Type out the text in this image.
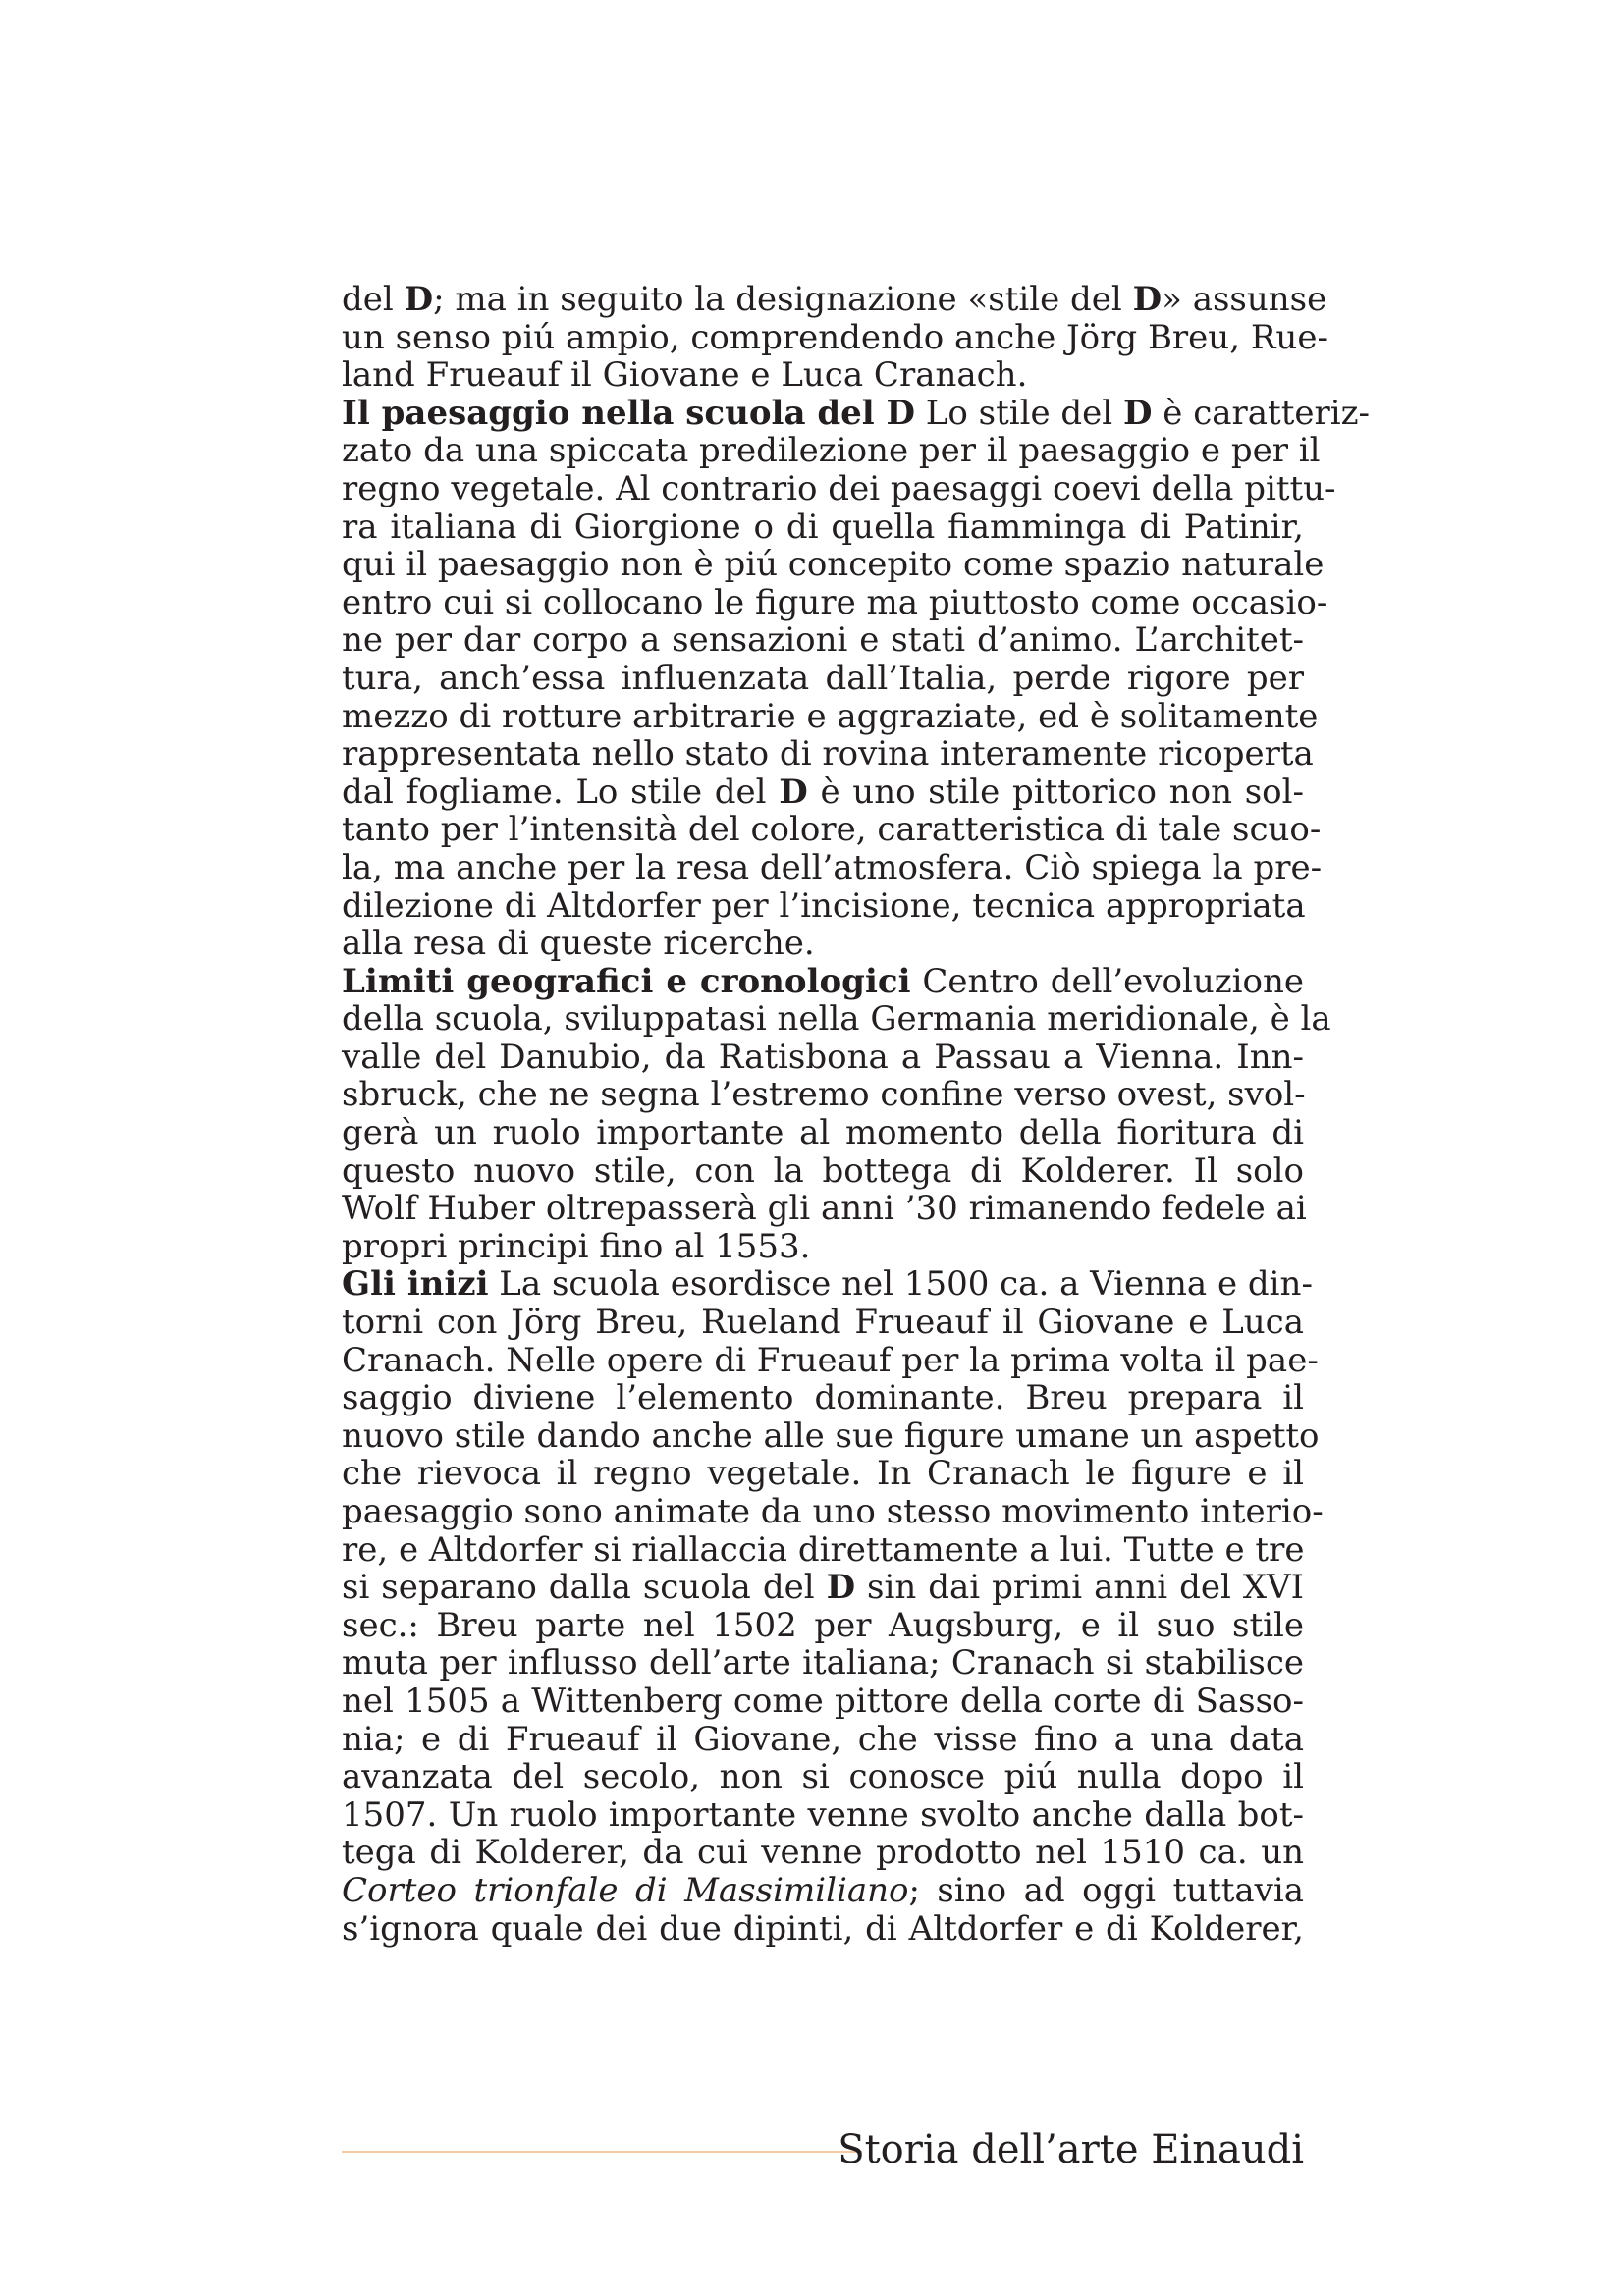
del D; ma in seguito la designazione «stile del D» assunse
un senso piú ampio, comprendendo anche Jörg Breu, Rue-
land Frueauf il Giovane e Luca Cranach.
Il paesaggio nella scuola del D Lo stile del D è caratteriz-
zato da una spiccata predilezione per il paesaggio e per il
regno vegetale. Al contrario dei paesaggi coevi della pittu-
ra italiana di Giorgione o di quella fiamminga di Patinir,
qui il paesaggio non è piú concepito come spazio naturale
entro cui si collocano le figure ma piuttosto come occasio-
ne per dar corpo a sensazioni e stati d’animo. L’architet-
tura, anch’essa influenzata dall’Italia, perde rigore per
mezzo di rotture arbitrarie e aggraziate, ed è solitamente
rappresentata nello stato di rovina interamente ricoperta
dal fogliame. Lo stile del D è uno stile pittorico non sol-
tanto per l’intensità del colore, caratteristica di tale scuo-
la, ma anche per la resa dell’atmosfera. Ciò spiega la pre-
dilezione di Altdorfer per l’incisione, tecnica appropriata
alla resa di queste ricerche.
Limiti geografici e cronologici Centro dell’evoluzione
della scuola, sviluppatasi nella Germania meridionale, è la
valle del Danubio, da Ratisbona a Passau a Vienna. Inn-
sbruck, che ne segna l’estremo confine verso ovest, svol-
gerà un ruolo importante al momento della fioritura di
questo nuovo stile, con la bottega di Kolderer. Il solo
Wolf Huber oltrepasserà gli anni ’30 rimanendo fedele ai
propri principi fino al 1553.
Gli inizi La scuola esordisce nel 1500 ca. a Vienna e din-
torni con Jörg Breu, Rueland Frueauf il Giovane e Luca
Cranach. Nelle opere di Frueauf per la prima volta il pae-
saggio diviene l’elemento dominante. Breu prepara il
nuovo stile dando anche alle sue figure umane un aspetto
che rievoca il regno vegetale. In Cranach le figure e il
paesaggio sono animate da uno stesso movimento interio-
re, e Altdorfer si riallaccia direttamente a lui. Tutte e tre
si separano dalla scuola del D sin dai primi anni del XVI
sec.: Breu parte nel 1502 per Augsburg, e il suo stile
muta per influsso dell’arte italiana; Cranach si stabilisce
nel 1505 a Wittenberg come pittore della corte di Sasso-
nia; e di Frueauf il Giovane, che visse fino a una data
avanzata del secolo, non si conosce piú nulla dopo il
1507. Un ruolo importante venne svolto anche dalla bot-
tega di Kolderer, da cui venne prodotto nel 1510 ca. un
Corteo trionfale di Massimiliano; sino ad oggi tuttavia
s’ignora quale dei due dipinti, di Altdorfer e di Kolderer,
Storia dell’arte Einaudi
